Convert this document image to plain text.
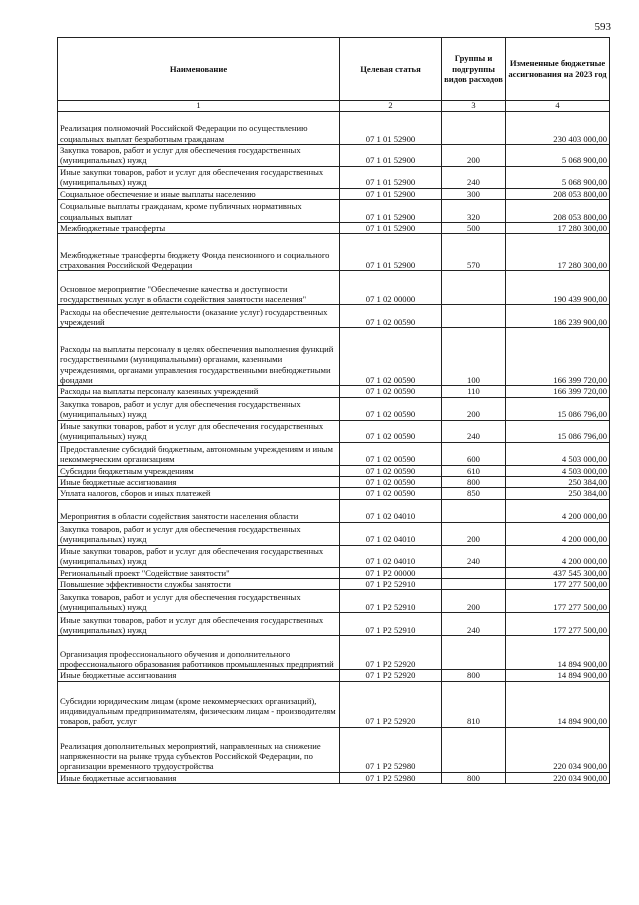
593
Наименование	Целевая статья	Группы и подгруппы видов расходов	Измененные бюджетные ассигнования на 2023 год
1	2	3	4
Реализация полномочий Российской Федерации по осуществлению социальных выплат безработным гражданам	07 1 01 52900		230 403 000,00
Закупка товаров, работ и услуг для обеспечения государственных (муниципальных) нужд	07 1 01 52900	200	5 068 900,00
Иные закупки товаров, работ и услуг для обеспечения государственных (муниципальных) нужд	07 1 01 52900	240	5 068 900,00
Социальное обеспечение и иные выплаты населению	07 1 01 52900	300	208 053 800,00
Социальные выплаты гражданам, кроме публичных нормативных социальных выплат	07 1 01 52900	320	208 053 800,00
Межбюджетные трансферты	07 1 01 52900	500	17 280 300,00
Межбюджетные трансферты бюджету Фонда пенсионного и социального страхования Российской Федерации	07 1 01 52900	570	17 280 300,00
Основное мероприятие "Обеспечение качества и доступности государственных услуг в области содействия занятости населения"	07 1 02 00000		190 439 900,00
Расходы на обеспечение деятельности (оказание услуг) государственных учреждений	07 1 02 00590		186 239 900,00
Расходы на выплаты персоналу в целях обеспечения выполнения функций государственными (муниципальными) органами, казенными учреждениями, органами управления государственными внебюджетными фондами	07 1 02 00590	100	166 399 720,00
Расходы на выплаты персоналу казенных учреждений	07 1 02 00590	110	166 399 720,00
Закупка товаров, работ и услуг для обеспечения государственных (муниципальных) нужд	07 1 02 00590	200	15 086 796,00
Иные закупки товаров, работ и услуг для обеспечения государственных (муниципальных) нужд	07 1 02 00590	240	15 086 796,00
Предоставление субсидий бюджетным, автономным учреждениям и иным некоммерческим организациям	07 1 02 00590	600	4 503 000,00
Субсидии бюджетным учреждениям	07 1 02 00590	610	4 503 000,00
Иные бюджетные ассигнования	07 1 02 00590	800	250 384,00
Уплата налогов, сборов и иных платежей	07 1 02 00590	850	250 384,00
Мероприятия в области содействия занятости населения области	07 1 02 04010		4 200 000,00
Закупка товаров, работ и услуг для обеспечения государственных (муниципальных) нужд	07 1 02 04010	200	4 200 000,00
Иные закупки товаров, работ и услуг для обеспечения государственных (муниципальных) нужд	07 1 02 04010	240	4 200 000,00
Региональный проект "Содействие занятости"	07 1 P2 00000		437 545 300,00
Повышение эффективности службы занятости	07 1 P2 52910		177 277 500,00
Закупка товаров, работ и услуг для обеспечения государственных (муниципальных) нужд	07 1 P2 52910	200	177 277 500,00
Иные закупки товаров, работ и услуг для обеспечения государственных (муниципальных) нужд	07 1 P2 52910	240	177 277 500,00
Организация профессионального обучения и дополнительного профессионального образования работников промышленных предприятий	07 1 P2 52920		14 894 900,00
Иные бюджетные ассигнования	07 1 P2 52920	800	14 894 900,00
Субсидии юридическим лицам (кроме некоммерческих организаций), индивидуальным предпринимателям, физическим лицам - производителям товаров, работ, услуг	07 1 P2 52920	810	14 894 900,00
Реализация дополнительных мероприятий, направленных на снижение напряженности на рынке труда субъектов Российской Федерации, по организации временного трудоустройства	07 1 P2 52980		220 034 900,00
Иные бюджетные ассигнования	07 1 P2 52980	800	220 034 900,00
